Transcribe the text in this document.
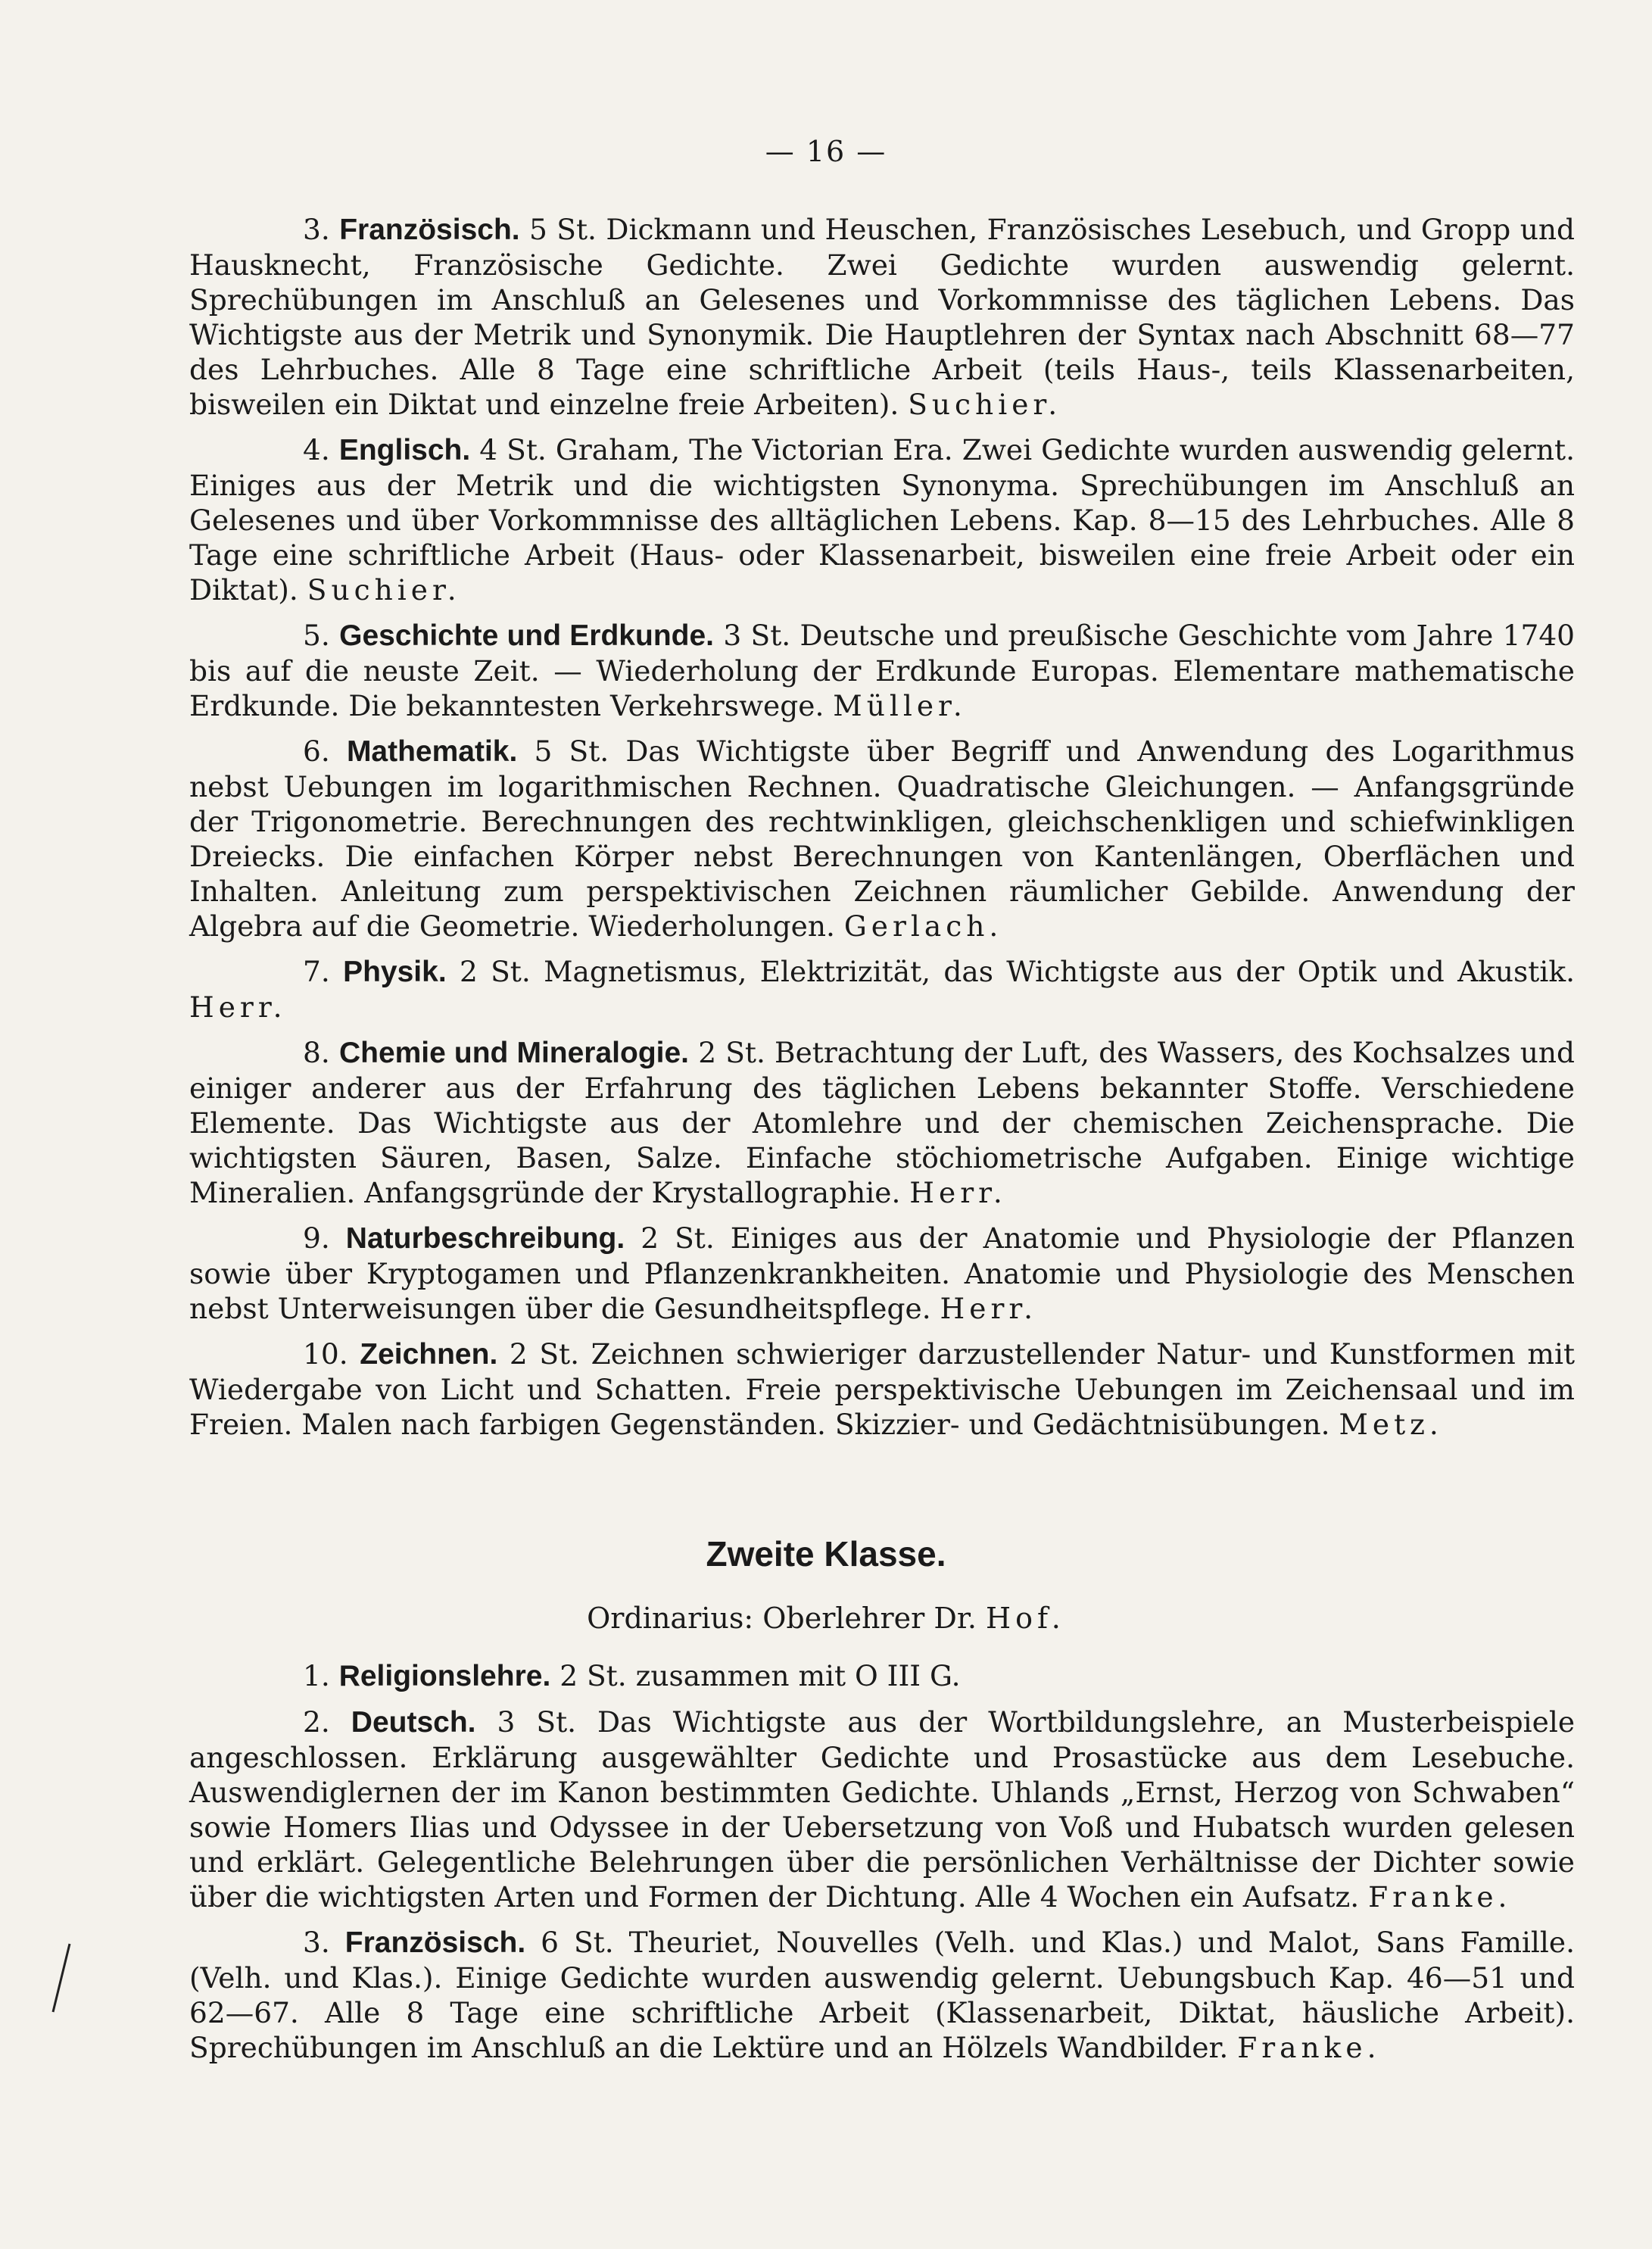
— 16 —

3. Französisch. 5 St. Dickmann und Heuschen, Französisches Lesebuch, und Gropp und Hausknecht, Französische Gedichte. Zwei Gedichte wurden auswendig gelernt. Sprechübungen im Anschluß an Gelesenes und Vorkommnisse des täglichen Lebens. Das Wichtigste aus der Metrik und Synonymik. Die Hauptlehren der Syntax nach Abschnitt 68—77 des Lehrbuches. Alle 8 Tage eine schriftliche Arbeit (teils Haus-, teils Klassenarbeiten, bisweilen ein Diktat und einzelne freie Arbeiten). Suchier.

4. Englisch. 4 St. Graham, The Victorian Era. Zwei Gedichte wurden auswendig gelernt. Einiges aus der Metrik und die wichtigsten Synonyma. Sprechübungen im Anschluß an Gelesenes und über Vorkommnisse des alltäglichen Lebens. Kap. 8—15 des Lehrbuches. Alle 8 Tage eine schriftliche Arbeit (Haus- oder Klassenarbeit, bisweilen eine freie Arbeit oder ein Diktat). Suchier.

5. Geschichte und Erdkunde. 3 St. Deutsche und preußische Geschichte vom Jahre 1740 bis auf die neuste Zeit. — Wiederholung der Erdkunde Europas. Elementare mathematische Erdkunde. Die bekanntesten Verkehrswege. Müller.

6. Mathematik. 5 St. Das Wichtigste über Begriff und Anwendung des Logarithmus nebst Uebungen im logarithmischen Rechnen. Quadratische Gleichungen. — Anfangsgründe der Trigonometrie. Berechnungen des rechtwinkligen, gleichschenkligen und schiefwinkligen Dreiecks. Die einfachen Körper nebst Berechnungen von Kantenlängen, Oberflächen und Inhalten. Anleitung zum perspektivischen Zeichnen räumlicher Gebilde. Anwendung der Algebra auf die Geometrie. Wiederholungen. Gerlach.

7. Physik. 2 St. Magnetismus, Elektrizität, das Wichtigste aus der Optik und Akustik. Herr.

8. Chemie und Mineralogie. 2 St. Betrachtung der Luft, des Wassers, des Kochsalzes und einiger anderer aus der Erfahrung des täglichen Lebens bekannter Stoffe. Verschiedene Elemente. Das Wichtigste aus der Atomlehre und der chemischen Zeichensprache. Die wichtigsten Säuren, Basen, Salze. Einfache stöchiometrische Aufgaben. Einige wichtige Mineralien. Anfangsgründe der Krystallographie. Herr.

9. Naturbeschreibung. 2 St. Einiges aus der Anatomie und Physiologie der Pflanzen sowie über Kryptogamen und Pflanzenkrankheiten. Anatomie und Physiologie des Menschen nebst Unterweisungen über die Gesundheitspflege. Herr.

10. Zeichnen. 2 St. Zeichnen schwieriger darzustellender Natur- und Kunstformen mit Wiedergabe von Licht und Schatten. Freie perspektivische Uebungen im Zeichensaal und im Freien. Malen nach farbigen Gegenständen. Skizzier- und Gedächtnisübungen. Metz.

Zweite Klasse.
Ordinarius: Oberlehrer Dr. Hof.

1. Religionslehre. 2 St. zusammen mit O III G.

2. Deutsch. 3 St. Das Wichtigste aus der Wortbildungslehre, an Musterbeispiele angeschlossen. Erklärung ausgewählter Gedichte und Prosastücke aus dem Lesebuche. Auswendiglernen der im Kanon bestimmten Gedichte. Uhlands „Ernst, Herzog von Schwaben“ sowie Homers Ilias und Odyssee in der Uebersetzung von Voß und Hubatsch wurden gelesen und erklärt. Gelegentliche Belehrungen über die persönlichen Verhältnisse der Dichter sowie über die wichtigsten Arten und Formen der Dichtung. Alle 4 Wochen ein Aufsatz. Franke.

3. Französisch. 6 St. Theuriet, Nouvelles (Velh. und Klas.) und Malot, Sans Famille. (Velh. und Klas.). Einige Gedichte wurden auswendig gelernt. Uebungsbuch Kap. 46—51 und 62—67. Alle 8 Tage eine schriftliche Arbeit (Klassenarbeit, Diktat, häusliche Arbeit). Sprechübungen im Anschluß an die Lektüre und an Hölzels Wandbilder. Franke.
